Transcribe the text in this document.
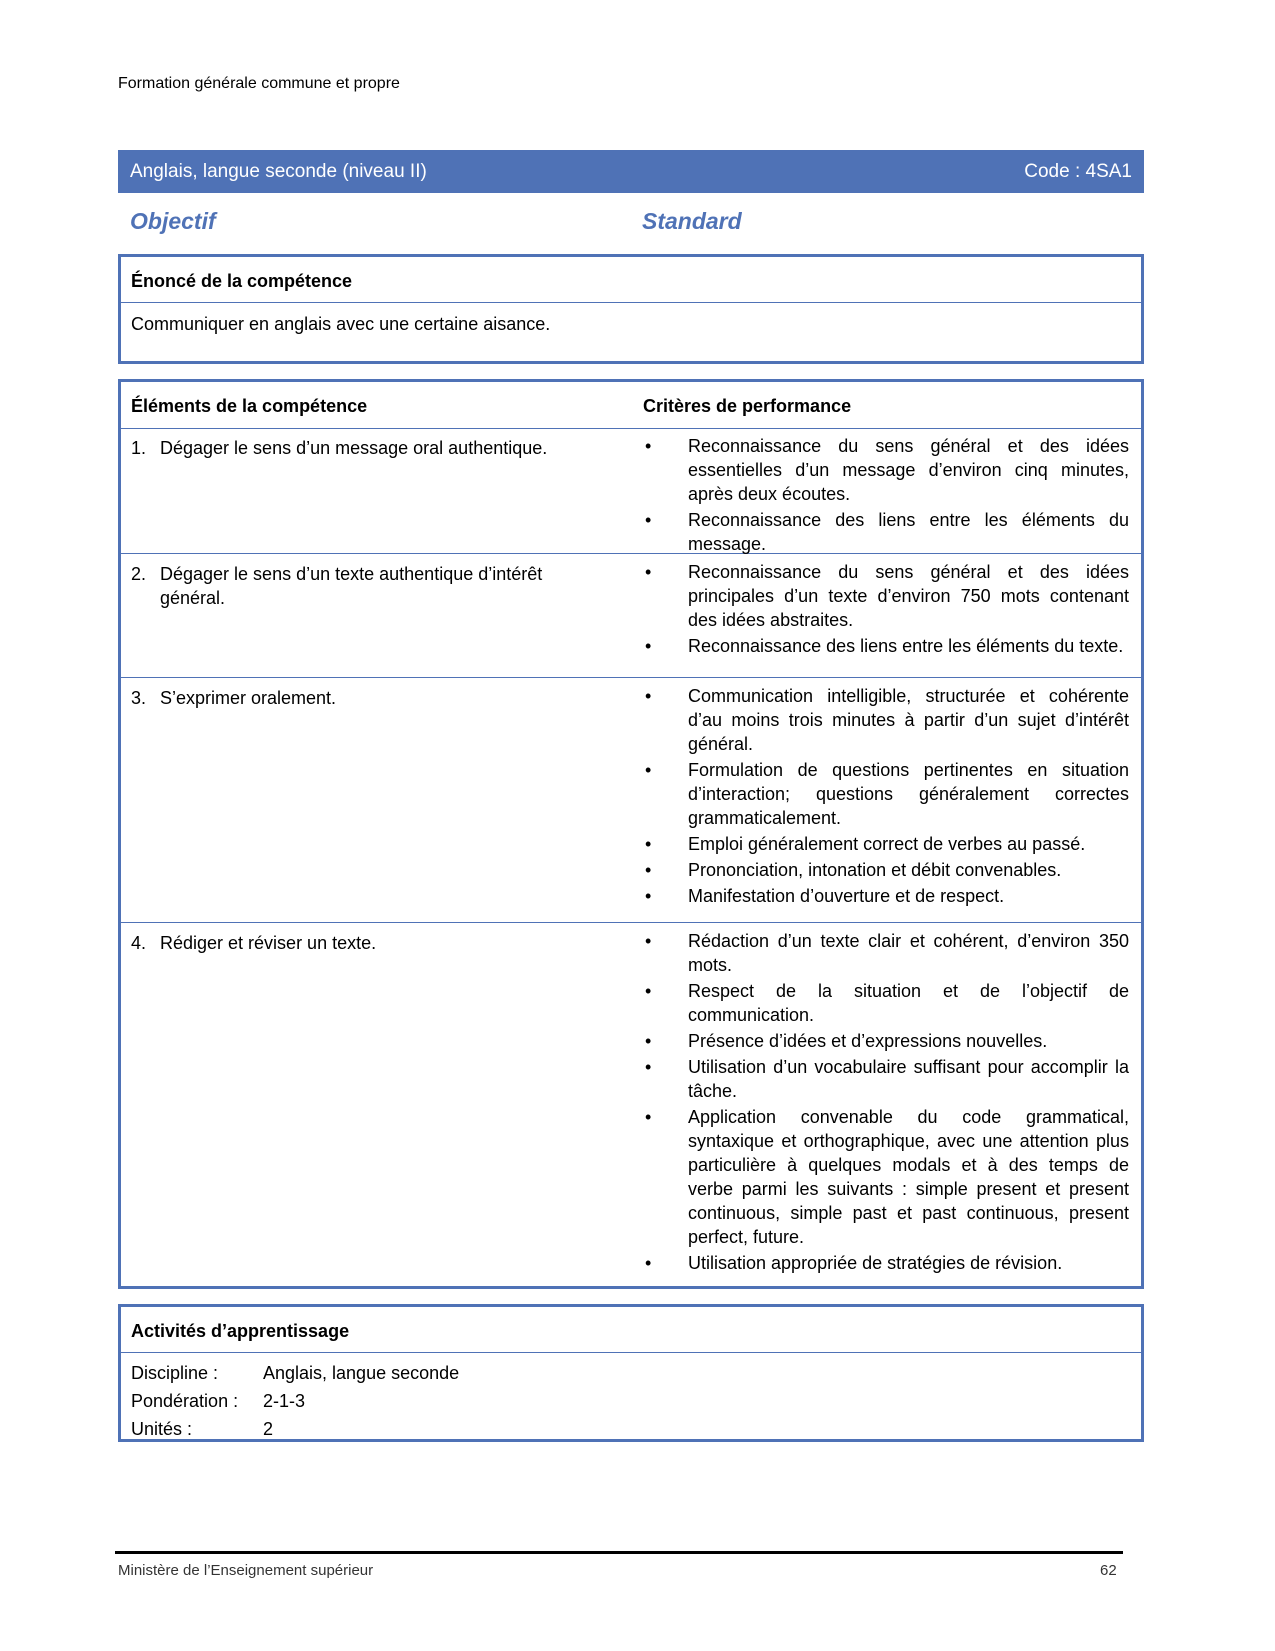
Formation générale commune et propre
Anglais, langue seconde (niveau II)	Code : 4SA1
Objectif	Standard
Énoncé de la compétence
Communiquer en anglais avec une certaine aisance.
Éléments de la compétence	Critères de performance
1. Dégager le sens d’un message oral authentique.	• Reconnaissance du sens général et des idées essentielles d’un message d’environ cinq minutes, après deux écoutes.
• Reconnaissance des liens entre les éléments du message.
2. Dégager le sens d’un texte authentique d’intérêt général.
• Reconnaissance du sens général et des idées principales d’un texte d’environ 750 mots contenant des idées abstraites.
• Reconnaissance des liens entre les éléments du texte.
3. S’exprimer oralement.	• Communication intelligible, structurée et cohérente d’au moins trois minutes à partir d’un sujet d’intérêt général.
• Formulation de questions pertinentes en situation d’interaction; questions généralement correctes grammaticalement.
• Emploi généralement correct de verbes au passé.
• Prononciation, intonation et débit convenables.
• Manifestation d’ouverture et de respect.
4. Rédiger et réviser un texte.	• Rédaction d’un texte clair et cohérent, d’environ 350 mots.
• Respect de la situation et de l’objectif de communication.
• Présence d’idées et d’expressions nouvelles.
• Utilisation d’un vocabulaire suffisant pour accomplir la tâche.
• Application convenable du code grammatical, syntaxique et orthographique, avec une attention plus particulière à quelques modals et à des temps de verbe parmi les suivants : simple present et present continuous, simple past et past continuous, present perfect, future.
• Utilisation appropriée de stratégies de révision.
Activités d’apprentissage
Discipline : Anglais, langue seconde
Pondération : 2-1-3
Unités :	2
Ministère de l’Enseignement supérieur	62
